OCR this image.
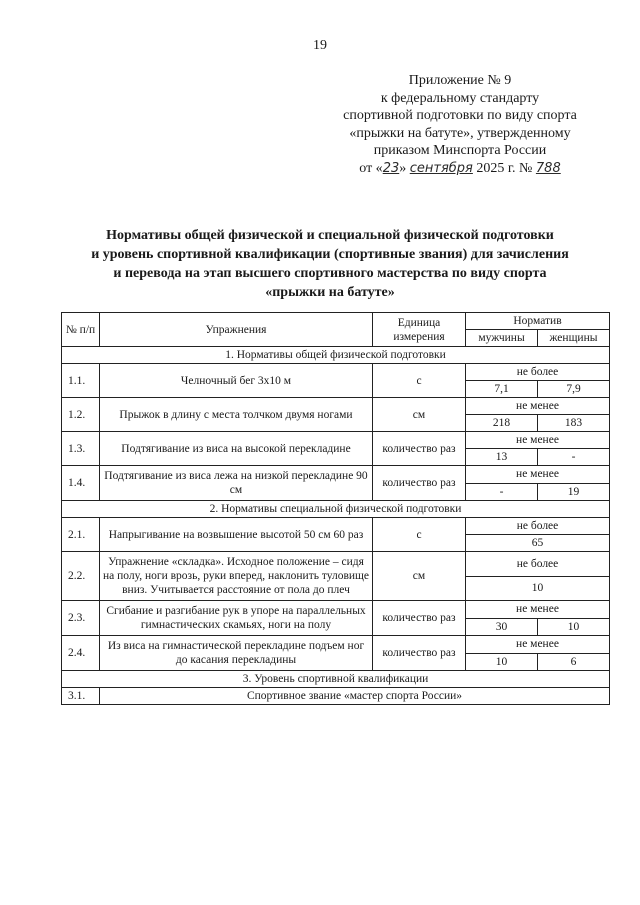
19
Приложение № 9
к федеральному стандарту
спортивной подготовки по виду спорта
«прыжки на батуте», утвержденному
приказом Минспорта России
от «23» сентября 2025 г. № 788
Нормативы общей физической и специальной физической подготовки
и уровень спортивной квалификации (спортивные звания) для зачисления
и перевода на этап высшего спортивного мастерства по виду спорта
«прыжки на батуте»
№ п/п	Упражнения	Единица измерения	Норматив	
			мужчины	женщины
1. Нормативы общей физической подготовки				
1.1.	Челночный бег 3х10 м	с	не более	
			7,1	7,9
1.2.	Прыжок в длину с места толчком двумя ногами	см	не менее	
			218	183
1.3.	Подтягивание из виса на высокой перекладине	количество раз	не менее	
			13	-
1.4.	Подтягивание из виса лежа на низкой перекладине 90 см	количество раз	не менее	
			-	19
2. Нормативы специальной физической подготовки				
2.1.	Напрыгивание на возвышение высотой 50 см 60 раз	с	не более	
			65	
2.2.	Упражнение «складка». Исходное положение – сидя на полу, ноги врозь, руки вперед, наклонить туловище вниз. Учитывается расстояние от пола до плеч	см	не более	
			10	
2.3.	Сгибание и разгибание рук в упоре на параллельных гимнастических скамьях, ноги на полу	количество раз	не менее	
			30	10
2.4.	Из виса на гимнастической перекладине подъем ног до касания перекладины	количество раз	не менее	
			10	6
3. Уровень спортивной квалификации				
3.1.	Спортивное звание «мастер спорта России»			
